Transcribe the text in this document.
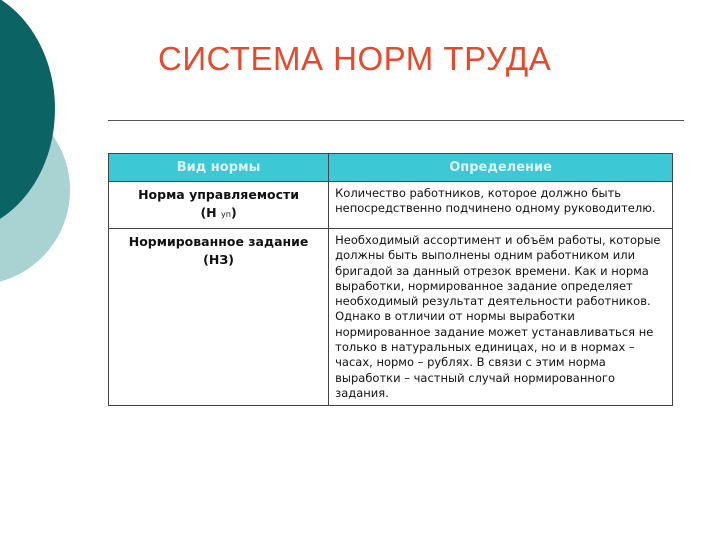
СИСТЕМА НОРМ ТРУДА
Вид нормы	Определение
Норма управляемости
(Н уп)	Количество работников, которое должно быть непосредственно подчинено одному руководителю.
Нормированное задание (НЗ)	Необходимый ассортимент и объём работы, которые должны быть выполнены одним работником или бригадой за данный отрезок времени. Как и норма выработки, нормированное задание определяет необходимый результат деятельности работников. Однако в отличии от нормы выработки нормированное задание может устанавливаться не только в натуральных единицах, но и в нормах – часах, нормо – рублях. В связи с этим норма выработки – частный случай нормированного задания.
